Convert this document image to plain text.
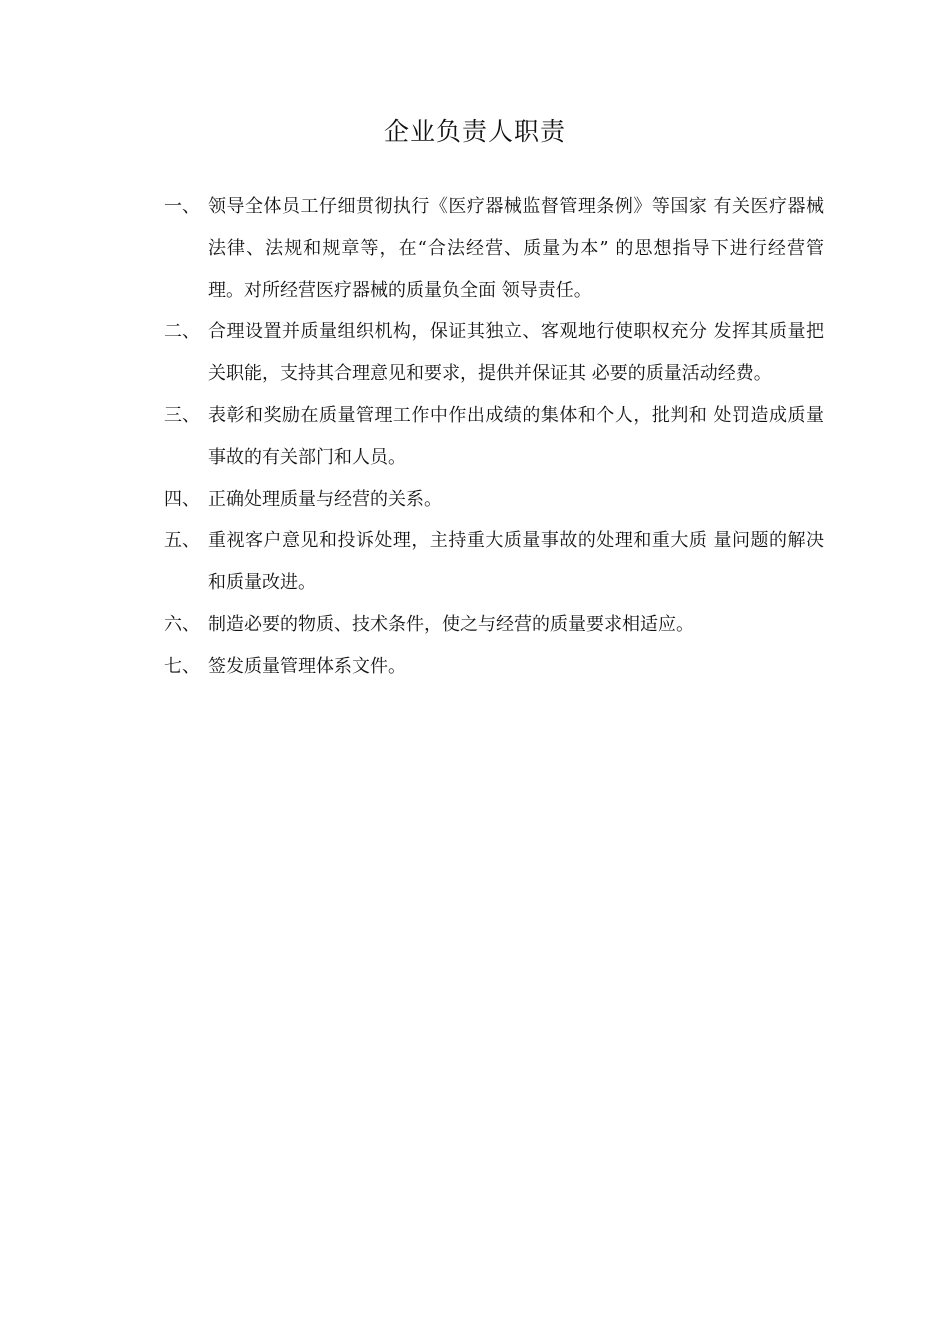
企业负责人职责
一、 领导全体员工仔细贯彻执行《医疗器械监督管理条例》等国家 有关医疗器械法律、法规和规章等，在“合法经营、质量为本” 的思想指导下进行经营管理。对所经营医疗器械的质量负全面 领导责任。
二、 合理设置并质量组织机构，保证其独立、客观地行使职权充分 发挥其质量把关职能，支持其合理意见和要求，提供并保证其 必要的质量活动经费。
三、 表彰和奖励在质量管理工作中作出成绩的集体和个人，批判和 处罚造成质量事故的有关部门和人员。
四、 正确处理质量与经营的关系。
五、 重视客户意见和投诉处理，主持重大质量事故的处理和重大质 量问题的解决和质量改进。
六、 制造必要的物质、技术条件，使之与经营的质量要求相适应。
七、 签发质量管理体系文件。
